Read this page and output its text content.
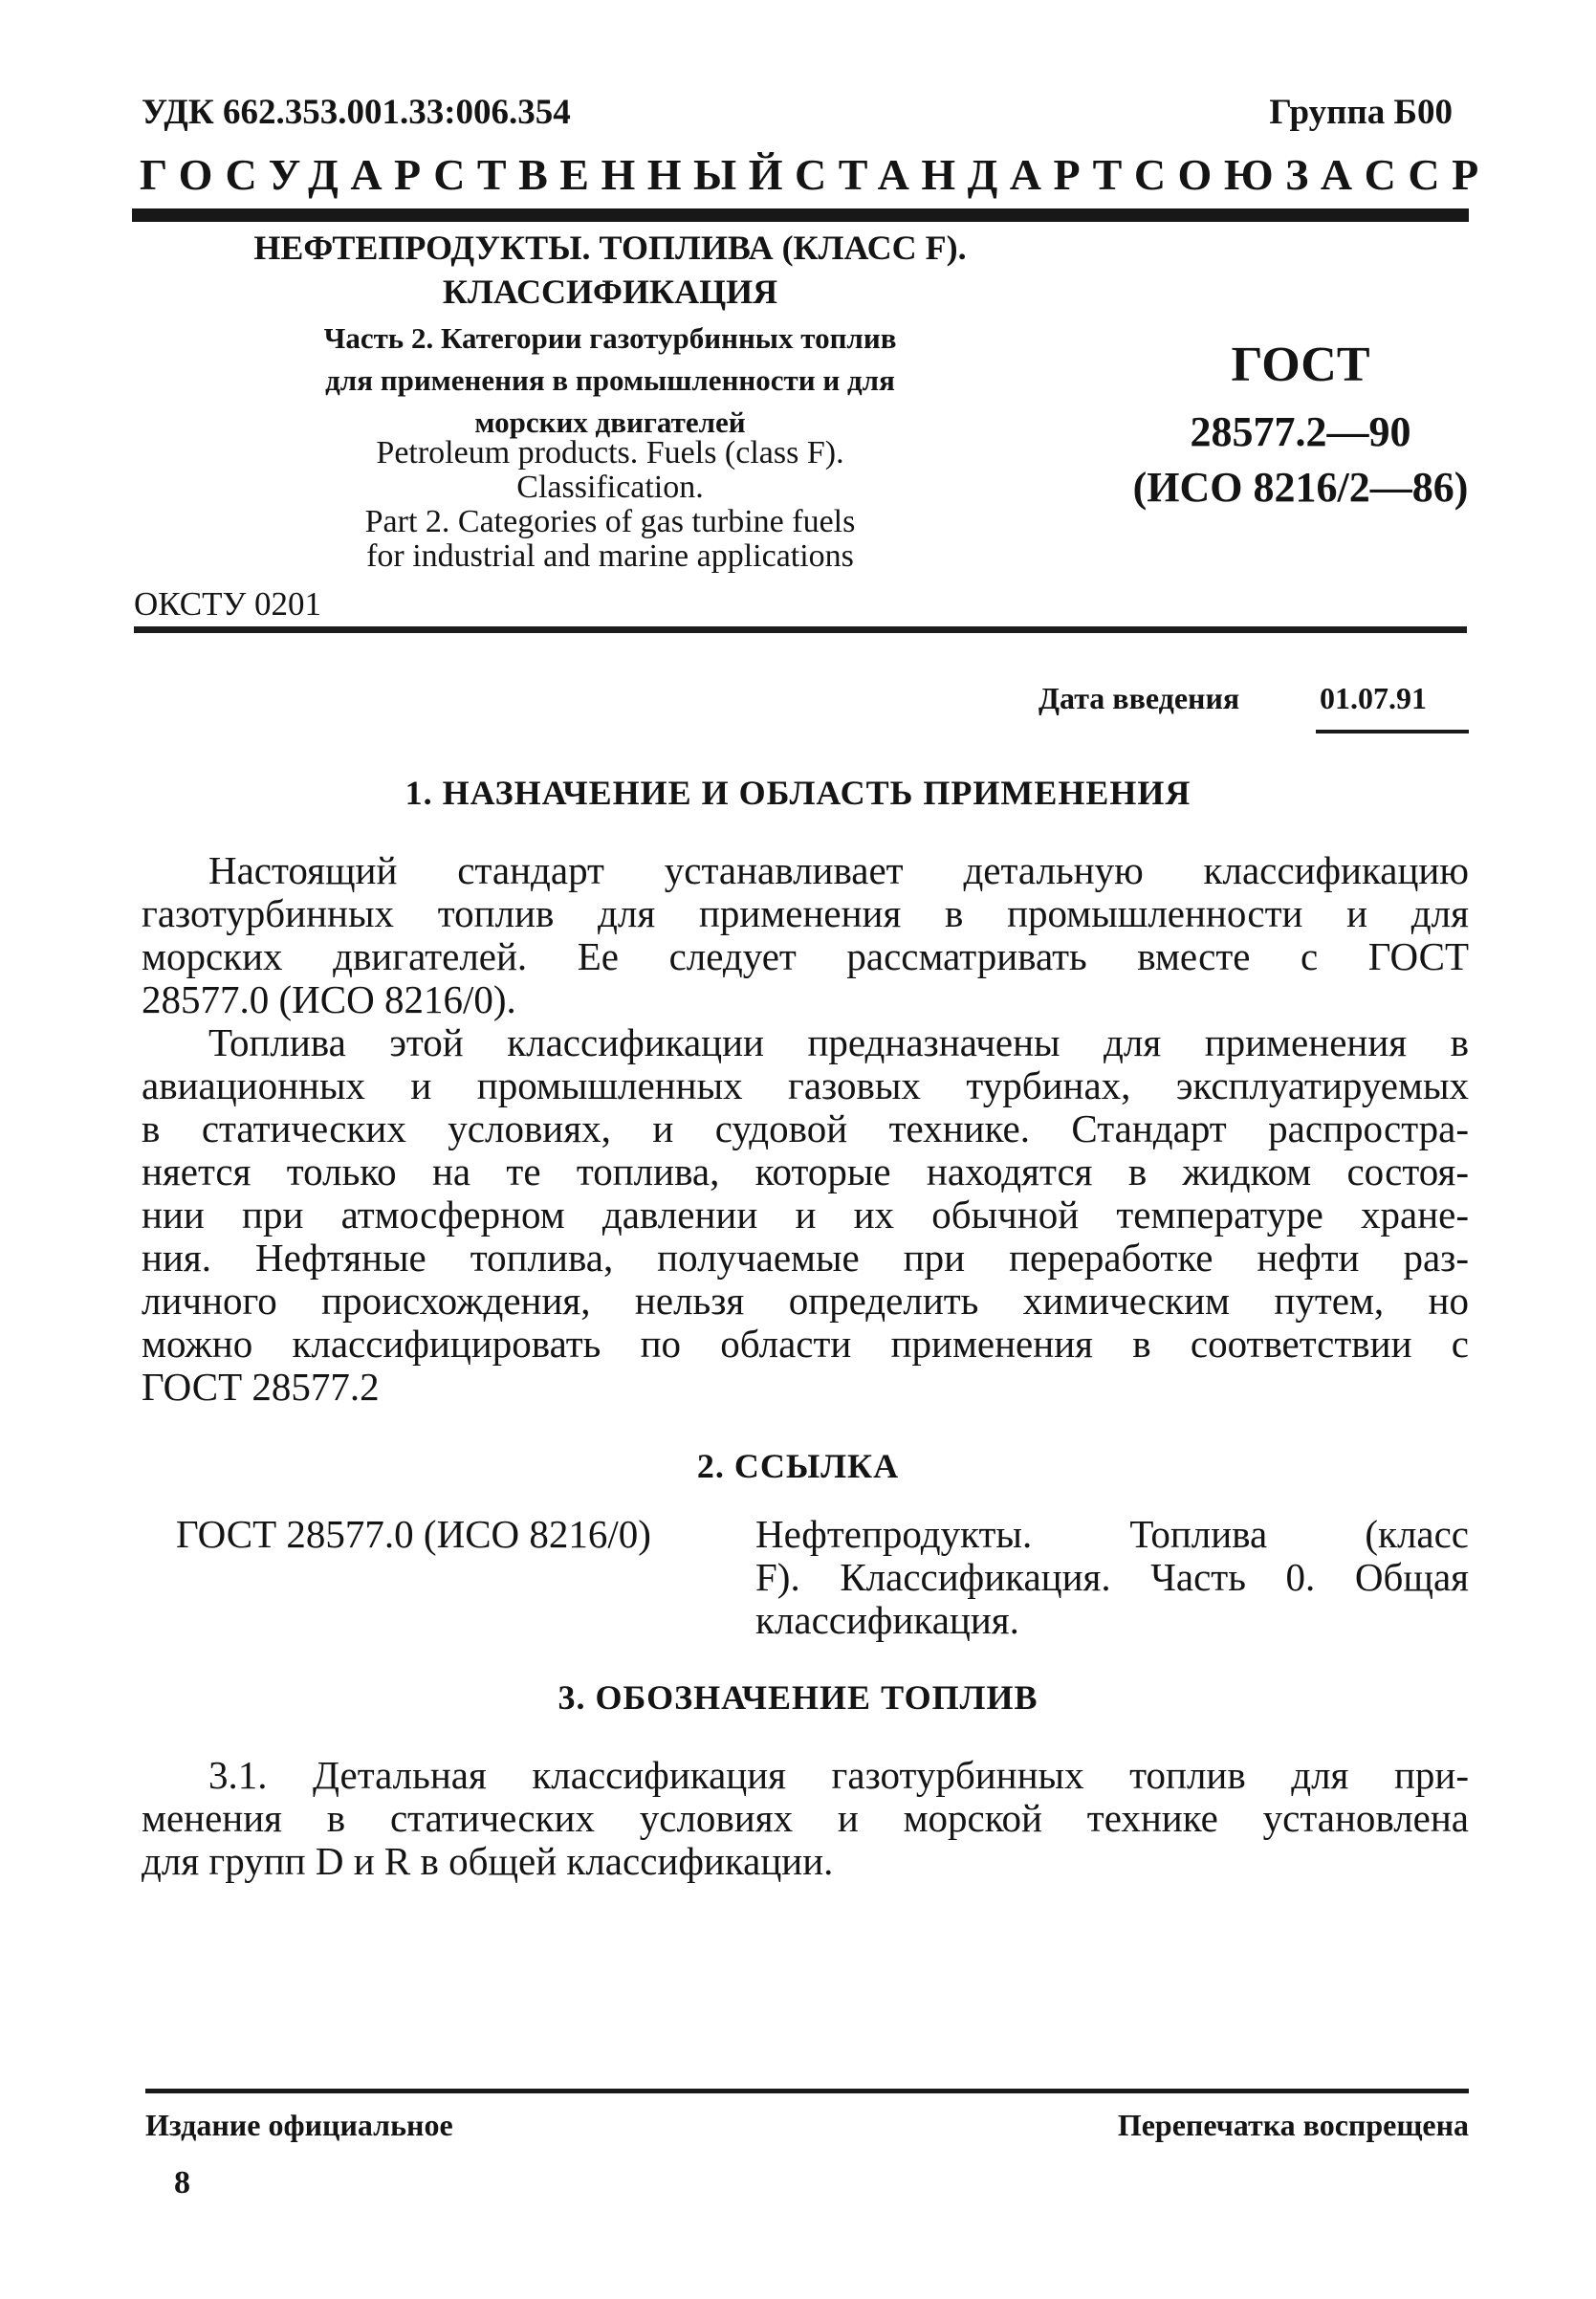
УДК 662.353.001.33:006.354	Группа Б00
ГОСУДАРСТВЕННЫЙ СТАНДАРТ СОЮЗА ССР
НЕФТЕПРОДУКТЫ. ТОПЛИВА (КЛАСС F).
КЛАССИФИКАЦИЯ
Часть 2. Категории газотурбинных топлив
для применения в промышленности и для
морских двигателей
Petroleum products. Fuels (class F).
Classification.
Part 2. Categories of gas turbine fuels
for industrial and marine applications
ОКСТУ 0201
ГОСТ
28577.2—90
(ИСО 8216/2—86)
Дата введения	01.07.91
1. НАЗНАЧЕНИЕ И ОБЛАСТЬ ПРИМЕНЕНИЯ
Настоящий стандарт устанавливает детальную классификацию
газотурбинных топлив для применения в промышленности и для
морских двигателей. Ее следует рассматривать вместе с ГОСТ
28577.0 (ИСО 8216/0).
Топлива этой классификации предназначены для применения в
авиационных и промышленных газовых турбинах, эксплуатируемых
в статических условиях, и судовой технике. Стандарт распростра-
няется только на те топлива, которые находятся в жидком состоя-
нии при атмосферном давлении и их обычной температуре хране-
ния. Нефтяные топлива, получаемые при переработке нефти раз-
личного происхождения, нельзя определить химическим путем, но
можно классифицировать по области применения в соответствии с
ГОСТ 28577.2
2. ССЫЛКА
ГОСТ 28577.0 (ИСО 8216/0)	Нефтепродукты. Топлива (класс
F). Классификация. Часть 0. Общая
классификация.
3. ОБОЗНАЧЕНИЕ ТОПЛИВ
3.1. Детальная классификация газотурбинных топлив для при-
менения в статических условиях и морской технике установлена
для групп D и R в общей классификации.
Издание официальное	Перепечатка воспрещена
8
